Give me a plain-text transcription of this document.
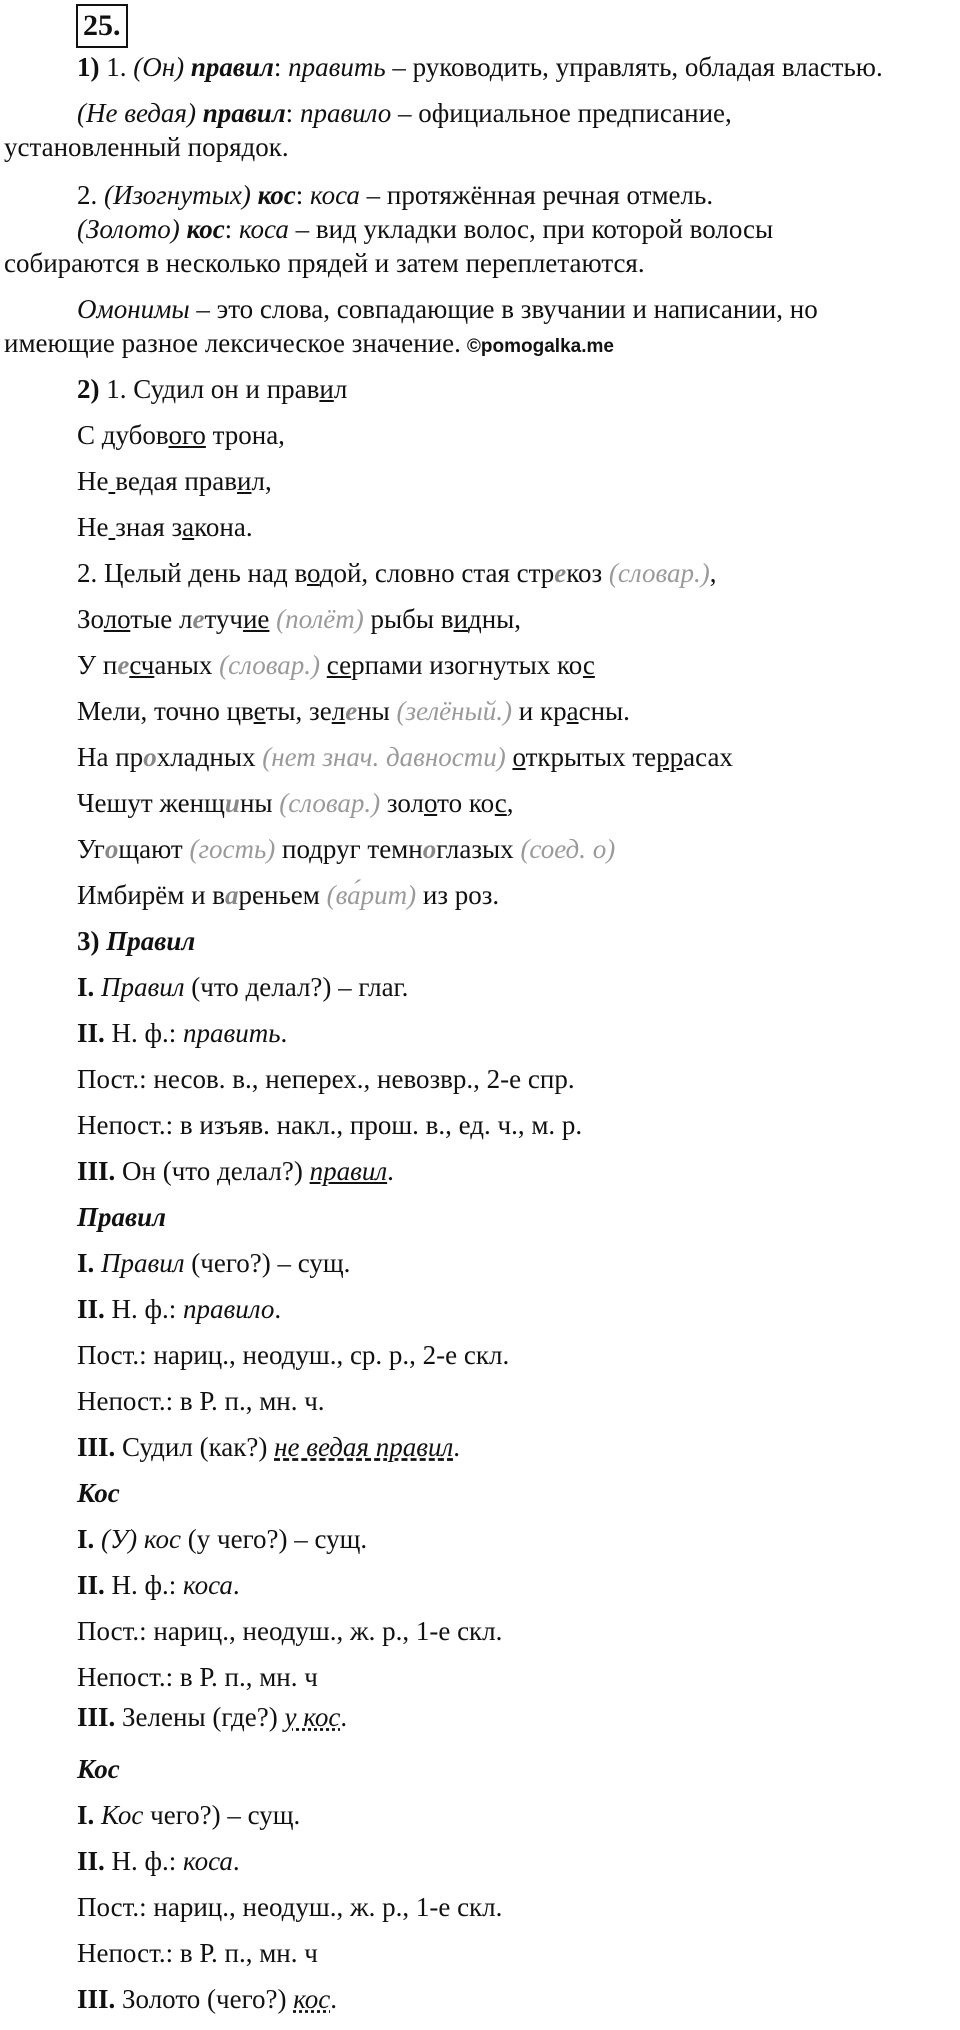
25.
1) 1. (Он) правил: править – руководить, управлять, обладая властью.
(Не ведая) правил: правило – официальное предписание,
установленный порядок.
2. (Изогнутых) кос: коса – протяжённая речная отмель.
(Золото) кос: коса – вид укладки волос, при которой волосы
собираются в несколько прядей и затем переплетаются.
Омонимы – это слова, совпадающие в звучании и написании, но
имеющие разное лексическое значение. ©pomogalka.me
2) 1. Судил он и правил
С дубового трона,
Не ведая правил,
Не зная закона.
2. Целый день над водой, словно стая стрекоз (словар.),
Золотые летучие (полёт) рыбы видны,
У песчаных (словар.) серпами изогнутых кос
Мели, точно цветы, зелены (зелёный.) и красны.
На прохладных (нет знач. давности) открытых террасах
Чешут женщины (словар.) золото кос,
Угощают (гость) подруг темноглазых (соед. о)
Имбирём и вареньем (ва́рит) из роз.
3) Правил
I. Правил (что делал?) – глаг.
II. Н. ф.: править.
Пост.: несов. в., неперех., невозвр., 2-е спр.
Непост.: в изъяв. накл., прош. в., ед. ч., м. р.
III. Он (что делал?) правил.
Правил
I. Правил (чего?) – сущ.
II. Н. ф.: правило.
Пост.: нариц., неодуш., ср. р., 2-е скл.
Непост.: в Р. п., мн. ч.
III. Судил (как?) не ведая правил.
Кос
I. (У) кос (у чего?) – сущ.
II. Н. ф.: коса.
Пост.: нариц., неодуш., ж. р., 1-е скл.
Непост.: в Р. п., мн. ч
III. Зелены (где?) у кос.
Кос
I. Кос чего?) – сущ.
II. Н. ф.: коса.
Пост.: нариц., неодуш., ж. р., 1-е скл.
Непост.: в Р. п., мн. ч
III. Золото (чего?) кос.
